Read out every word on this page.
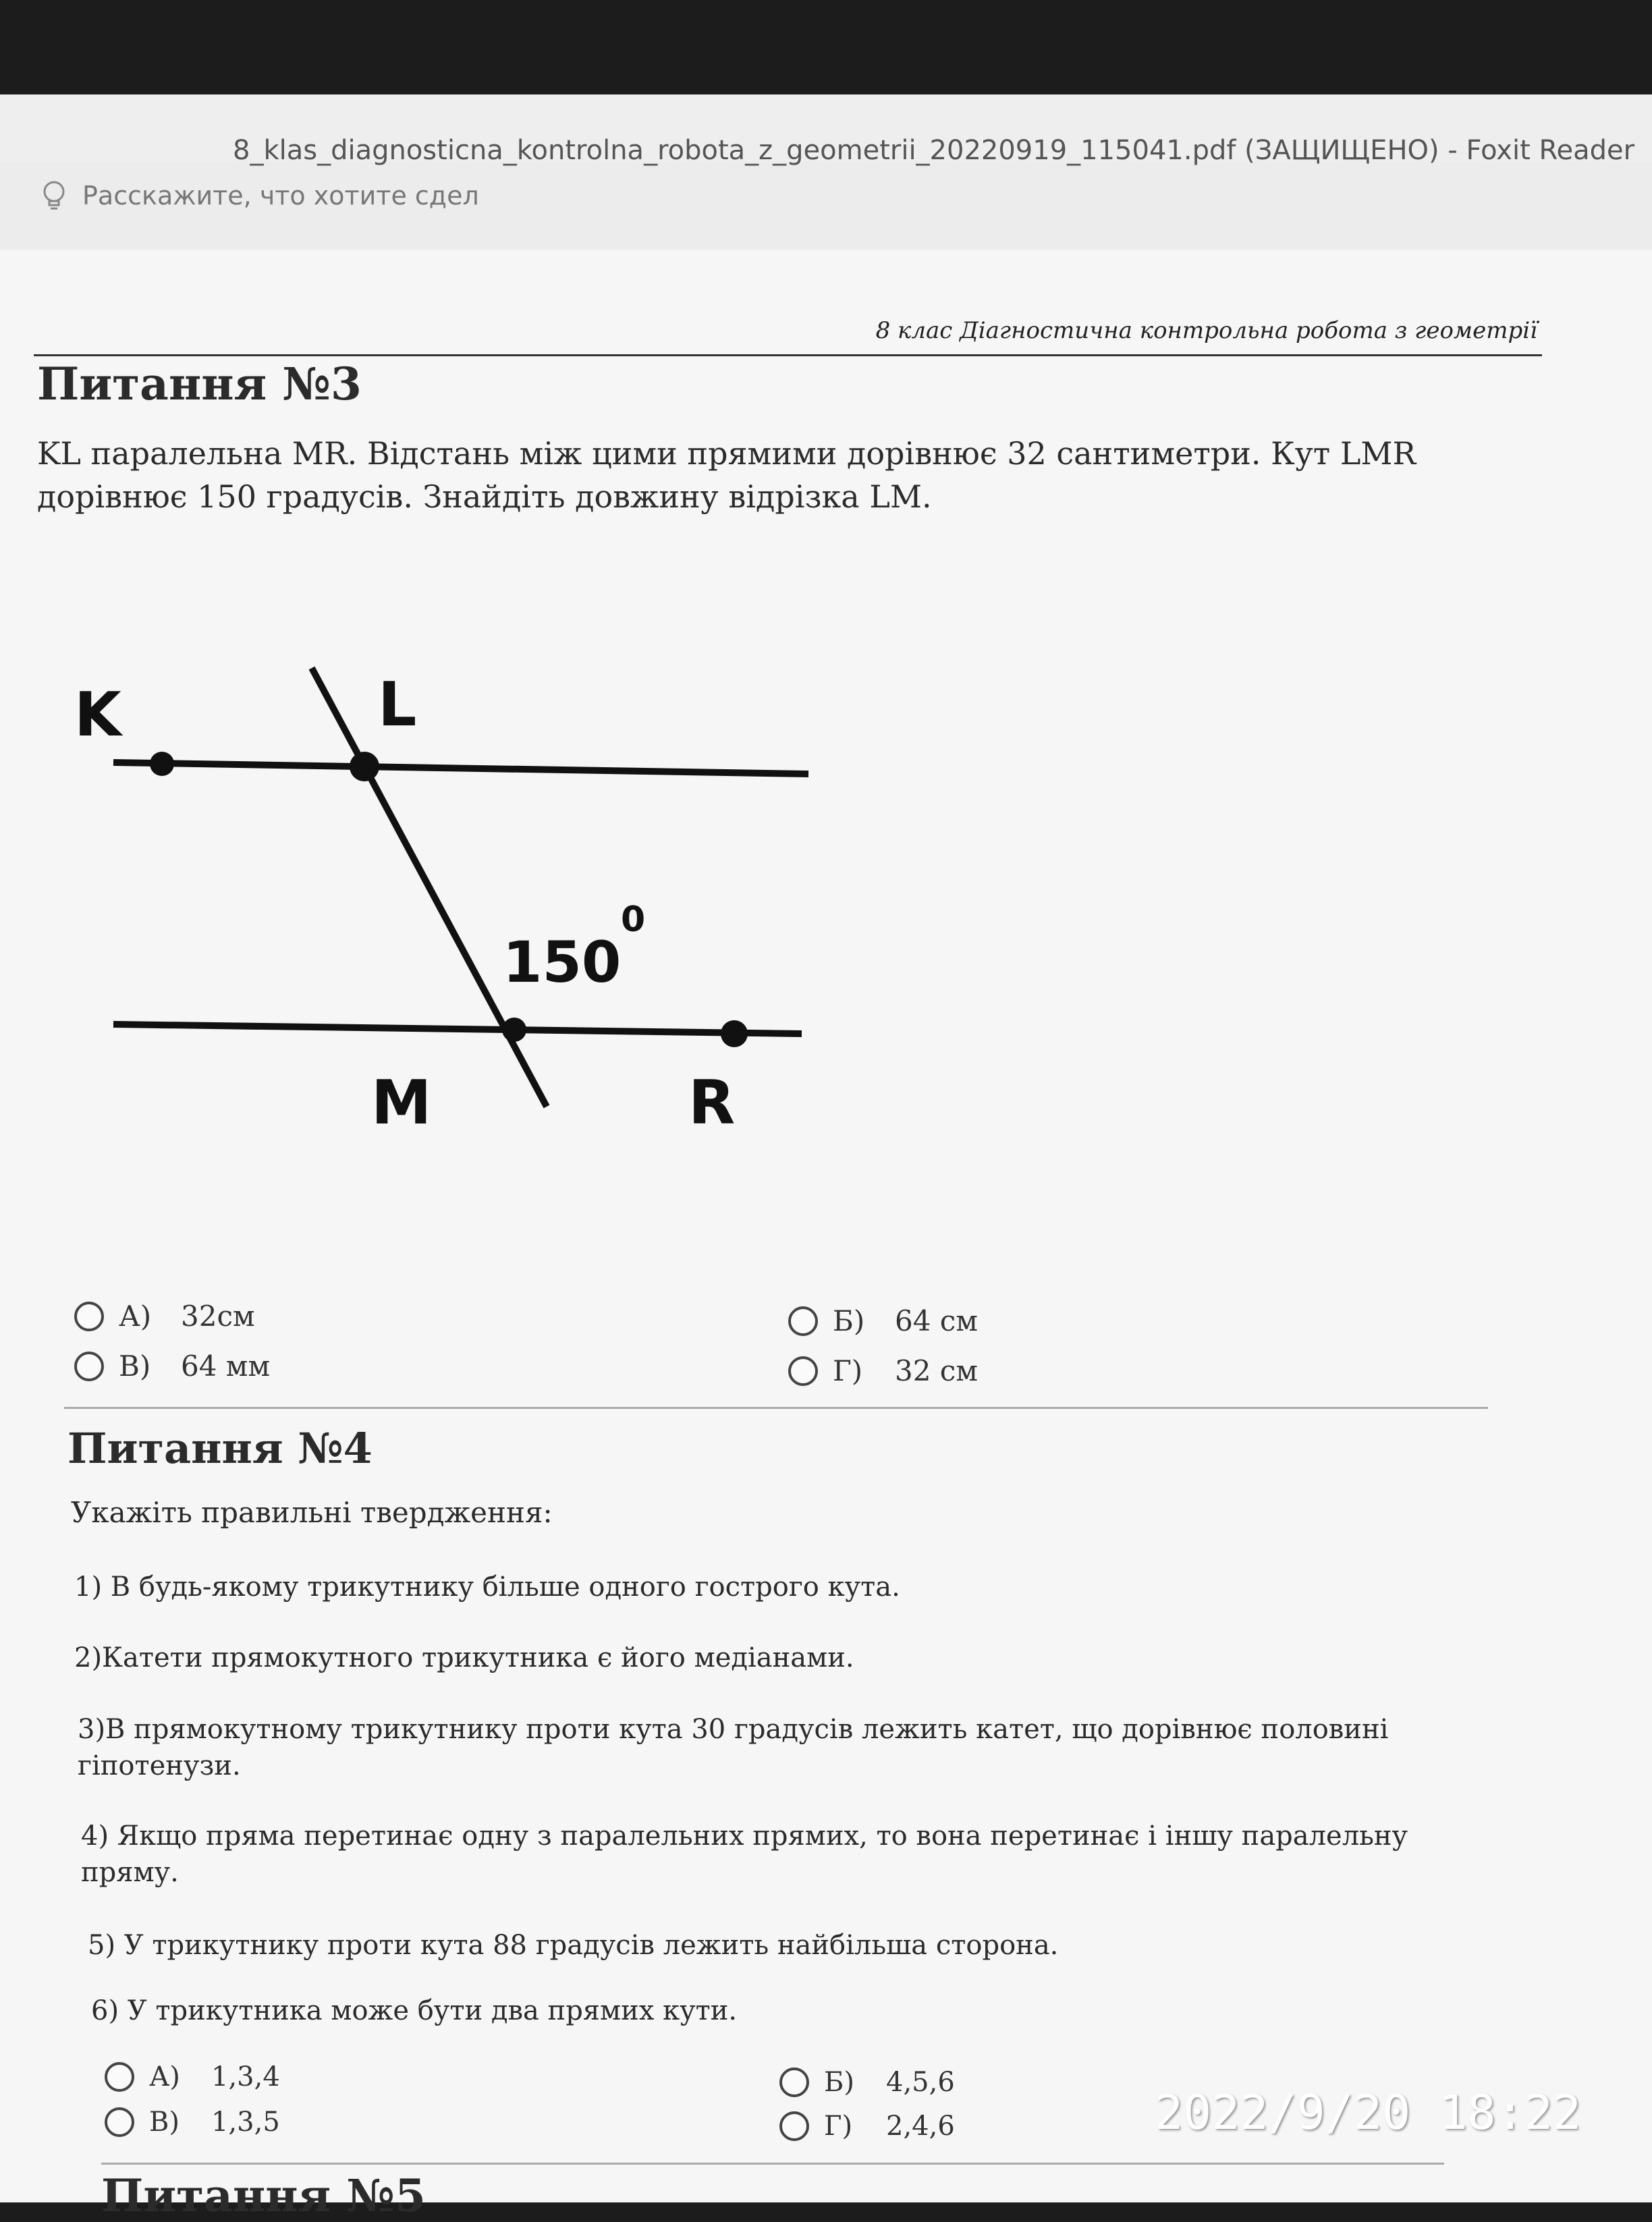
8_klas_diagnosticna_kontrolna_robota_z_geometrii_20220919_115041.pdf (ЗАЩИЩЕНО) - Foxit Reader
Расскажите, что хотите сдел
8 клас Діагностична контрольна робота з геометрії
Питання №3
KL паралельна MR. Відстань між цими прямими дорівнює 32 сантиметри. Кут LMR
дорівнює 150 градусів. Знайдіть довжину відрізка LM.
K	L
M	R
150
0
А)	32см	Б)	64 см
В)	64 мм	Г)	32 см
Питання №4
Укажіть правильні твердження:
1) В будь-якому трикутнику більше одного гострого кута.
2)Катети прямокутного трикутника є його медіанами.
3)В прямокутному трикутнику проти кута 30 градусів лежить катет, що дорівнює половині гіпотенузи.
4) Якщо пряма перетинає одну з паралельних прямих, то вона перетинає і іншу паралельну пряму.
5) У трикутнику проти кута 88 градусів лежить найбільша сторона.
6) У трикутника може бути два прямих кути.
А)	1,3,4	Б)	4,5,6
В)	1,3,5	Г)	2,4,6
Питання №5
2022/9/20 18:22
